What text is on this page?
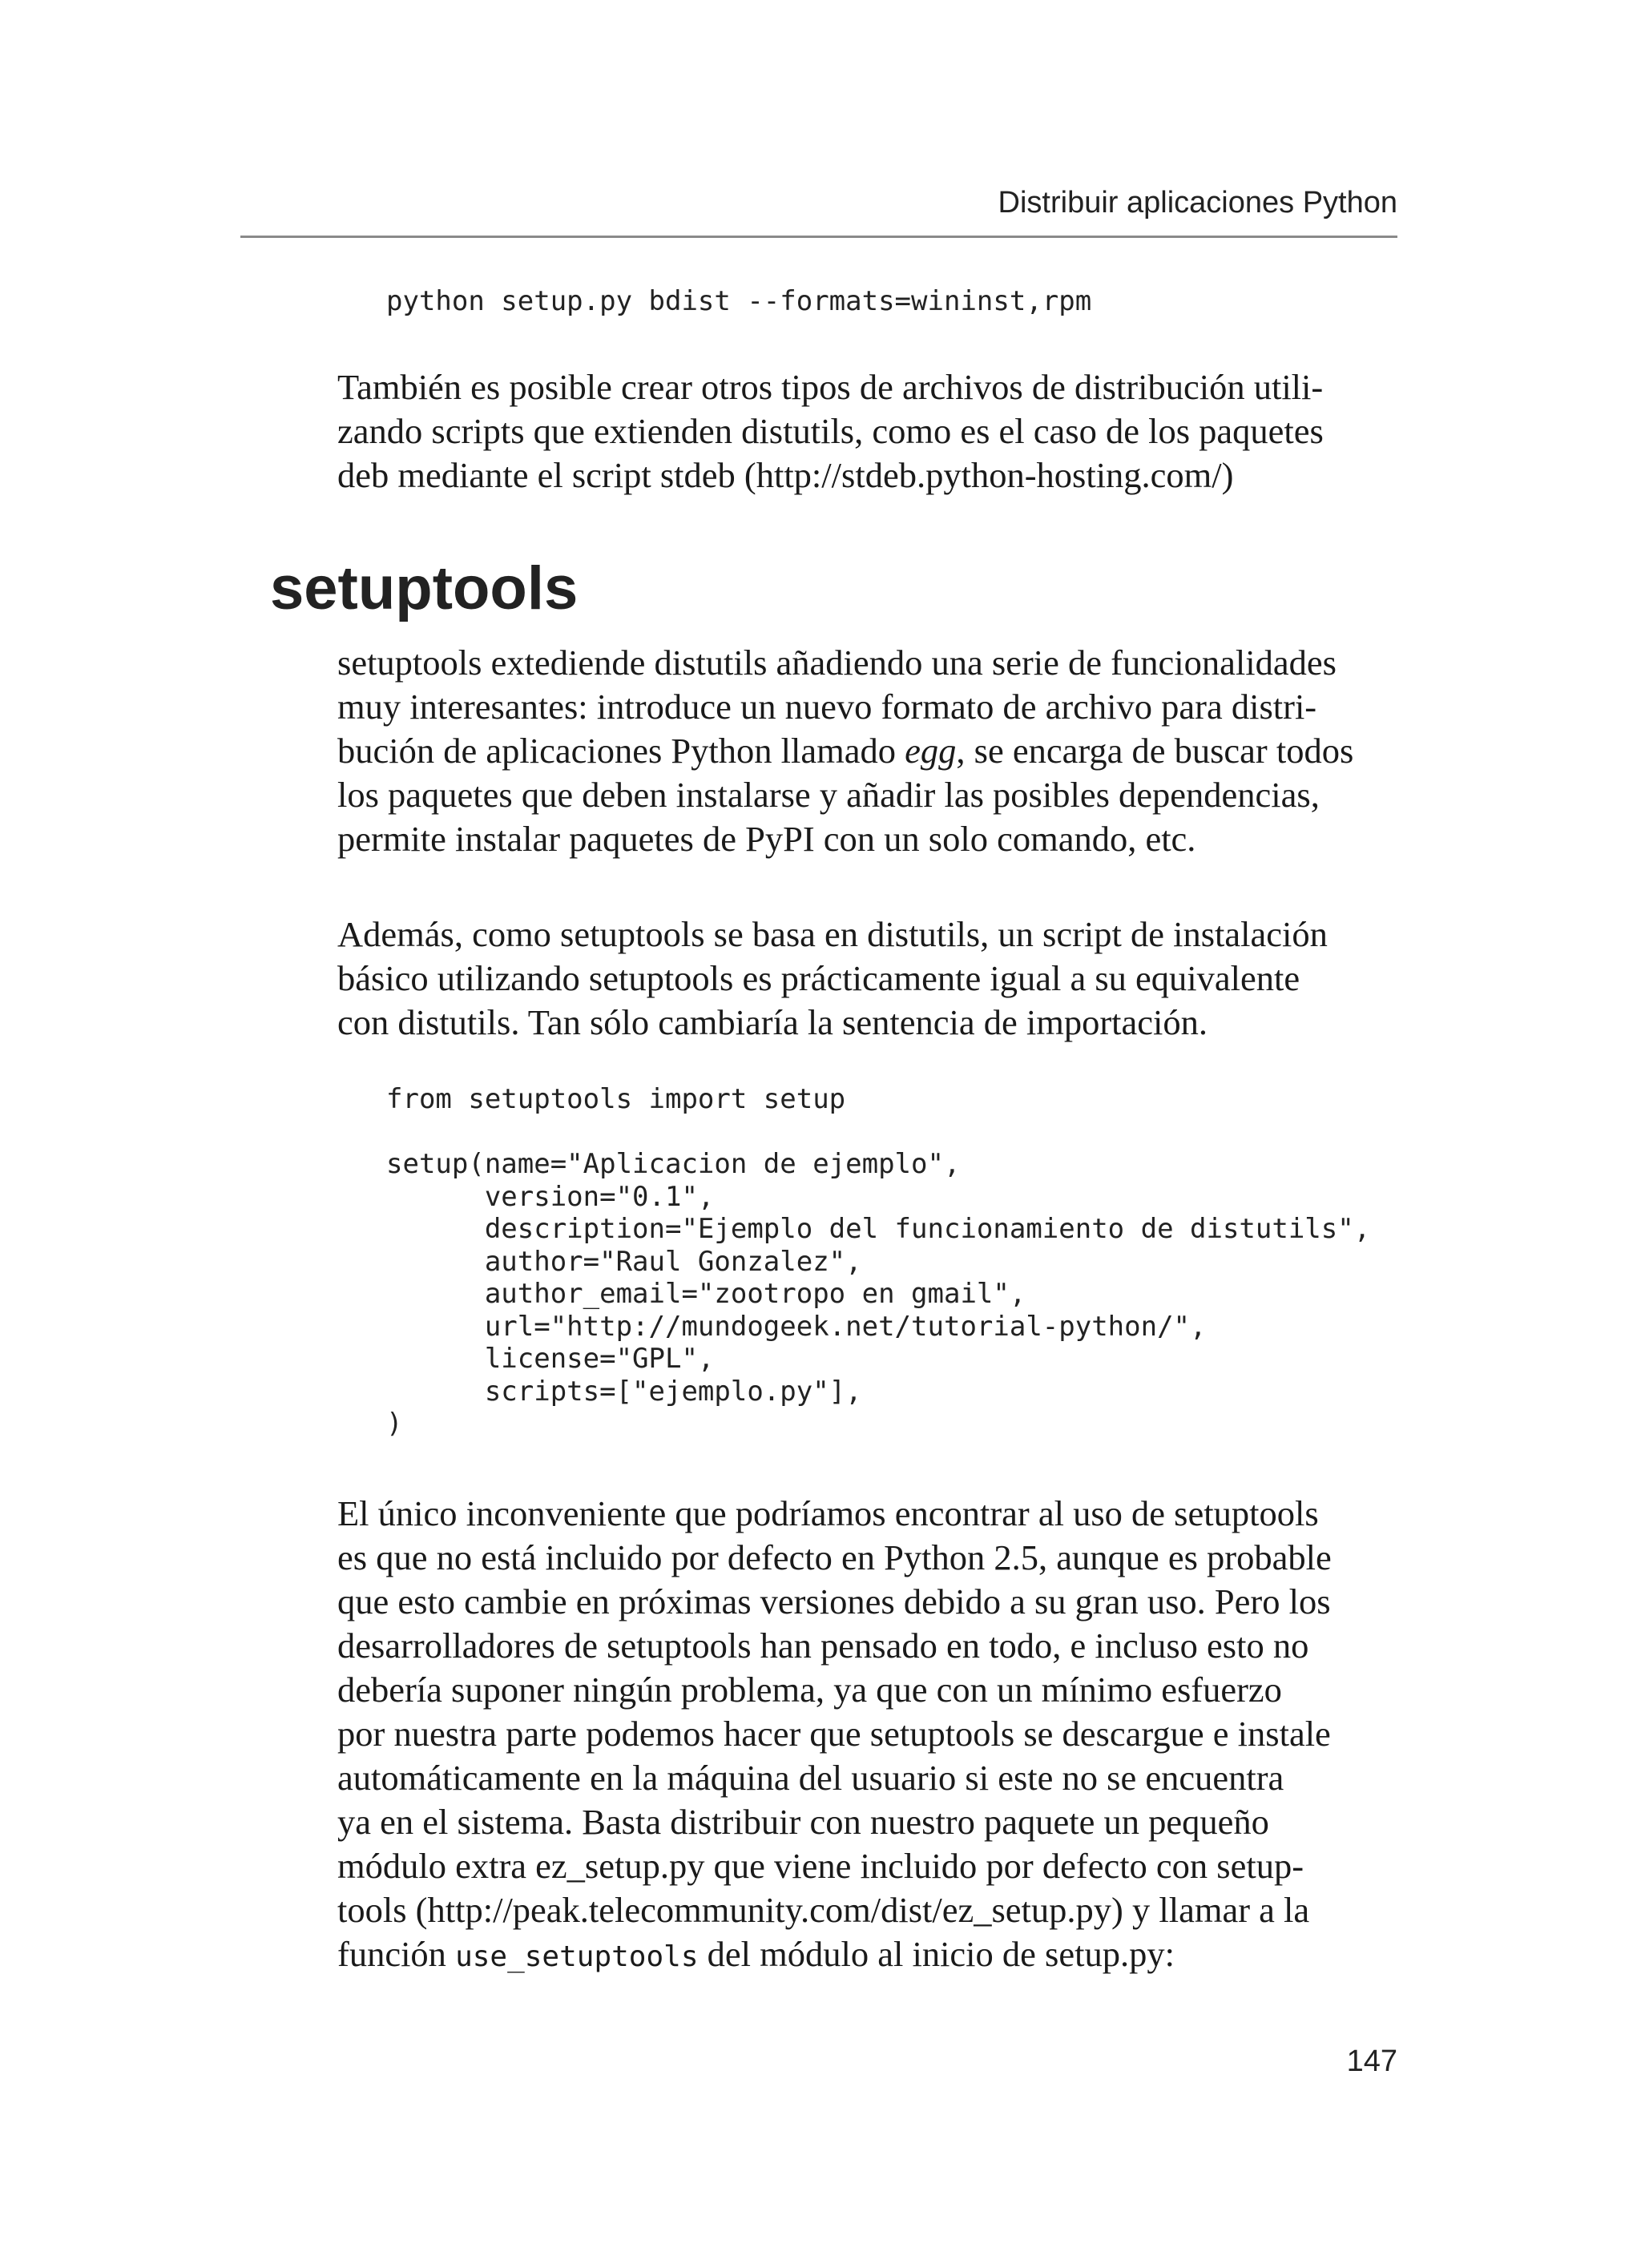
Distribuir aplicaciones Python
python setup.py bdist --formats=wininst,rpm

También es posible crear otros tipos de archivos de distribución utili-

zando scripts que extienden distutils, como es el caso de los paquetes

deb mediante el script stdeb (http://stdeb.python-hosting.com/)

setuptools

setuptools extediende distutils añadiendo una serie de funcionalidades

muy interesantes: introduce un nuevo formato de archivo para distri-

bución de aplicaciones Python llamado egg, se encarga de buscar todos

los paquetes que deben instalarse y añadir las posibles dependencias,

permite instalar paquetes de PyPI con un solo comando, etc.

Además, como setuptools se basa en distutils, un script de instalación

básico utilizando setuptools es prácticamente igual a su equivalente

con distutils. Tan sólo cambiaría la sentencia de importación.

from setuptools import setup

setup(name="Aplicacion de ejemplo",
version="0.1",
description="Ejemplo del funcionamiento de distutils",
author="Raul Gonzalez",
author_email="zootropo en gmail",
url="http://mundogeek.net/tutorial-python/",
license="GPL",
scripts=["ejemplo.py"],
)

El único inconveniente que podríamos encontrar al uso de setuptools

es que no está incluido por defecto en Python 2.5, aunque es probable

que esto cambie en próximas versiones debido a su gran uso. Pero los

desarrolladores de setuptools han pensado en todo, e incluso esto no

debería suponer ningún problema, ya que con un mínimo esfuerzo

por nuestra parte podemos hacer que setuptools se descargue e instale

automáticamente en la máquina del usuario si este no se encuentra

ya en el sistema. Basta distribuir con nuestro paquete un pequeño

módulo extra ez_setup.py que viene incluido por defecto con setup-

tools (http://peak.telecommunity.com/dist/ez_setup.py) y llamar a la

función use_setuptools del módulo al inicio de setup.py:

147
